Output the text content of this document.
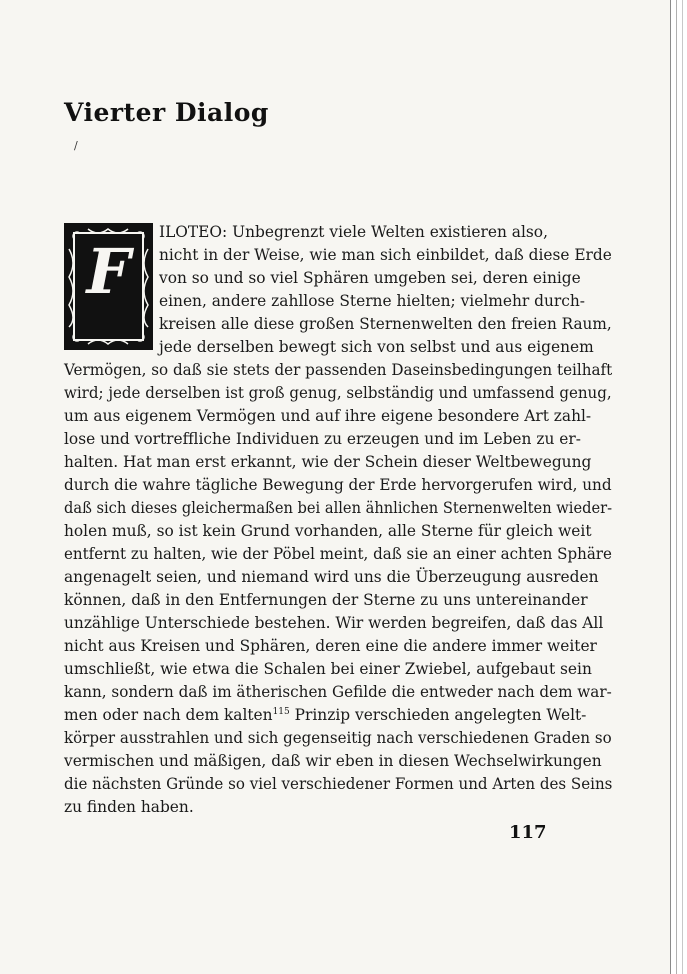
Vierter Dialog
/
F

ILOTEO: Unbegrenzt viele Welten existieren also,

nicht in der Weise, wie man sich einbildet, daß diese Erde

von so und so viel Sphären umgeben sei, deren einige

einen, andere zahllose Sterne hielten; vielmehr durch-

kreisen alle diese großen Sternenwelten den freien Raum,

jede derselben bewegt sich von selbst und aus eigenem

Vermögen, so daß sie stets der passenden Daseinsbedingungen teilhaft

wird; jede derselben ist groß genug, selbständig und umfassend genug,

um aus eigenem Vermögen und auf ihre eigene besondere Art zahl-

lose und vortreffliche Individuen zu erzeugen und im Leben zu er-

halten. Hat man erst erkannt, wie der Schein dieser Weltbewegung

durch die wahre tägliche Bewegung der Erde hervorgerufen wird, und

daß sich dieses gleichermaßen bei allen ähnlichen Sternenwelten wieder-

holen muß, so ist kein Grund vorhanden, alle Sterne für gleich weit

entfernt zu halten, wie der Pöbel meint, daß sie an einer achten Sphäre

angenagelt seien, und niemand wird uns die Überzeugung ausreden

können, daß in den Entfernungen der Sterne zu uns untereinander

unzählige Unterschiede bestehen. Wir werden begreifen, daß das All

nicht aus Kreisen und Sphären, deren eine die andere immer weiter

umschließt, wie etwa die Schalen bei einer Zwiebel, aufgebaut sein

kann, sondern daß im ätherischen Gefilde die entweder nach dem war-

men oder nach dem kalten$^{115}$ Prinzip verschieden angelegten Welt-

körper ausstrahlen und sich gegenseitig nach verschiedenen Graden so

vermischen und mäßigen, daß wir eben in diesen Wechselwirkungen

die nächsten Gründe so viel verschiedener Formen und Arten des Seins

zu finden haben.

117
